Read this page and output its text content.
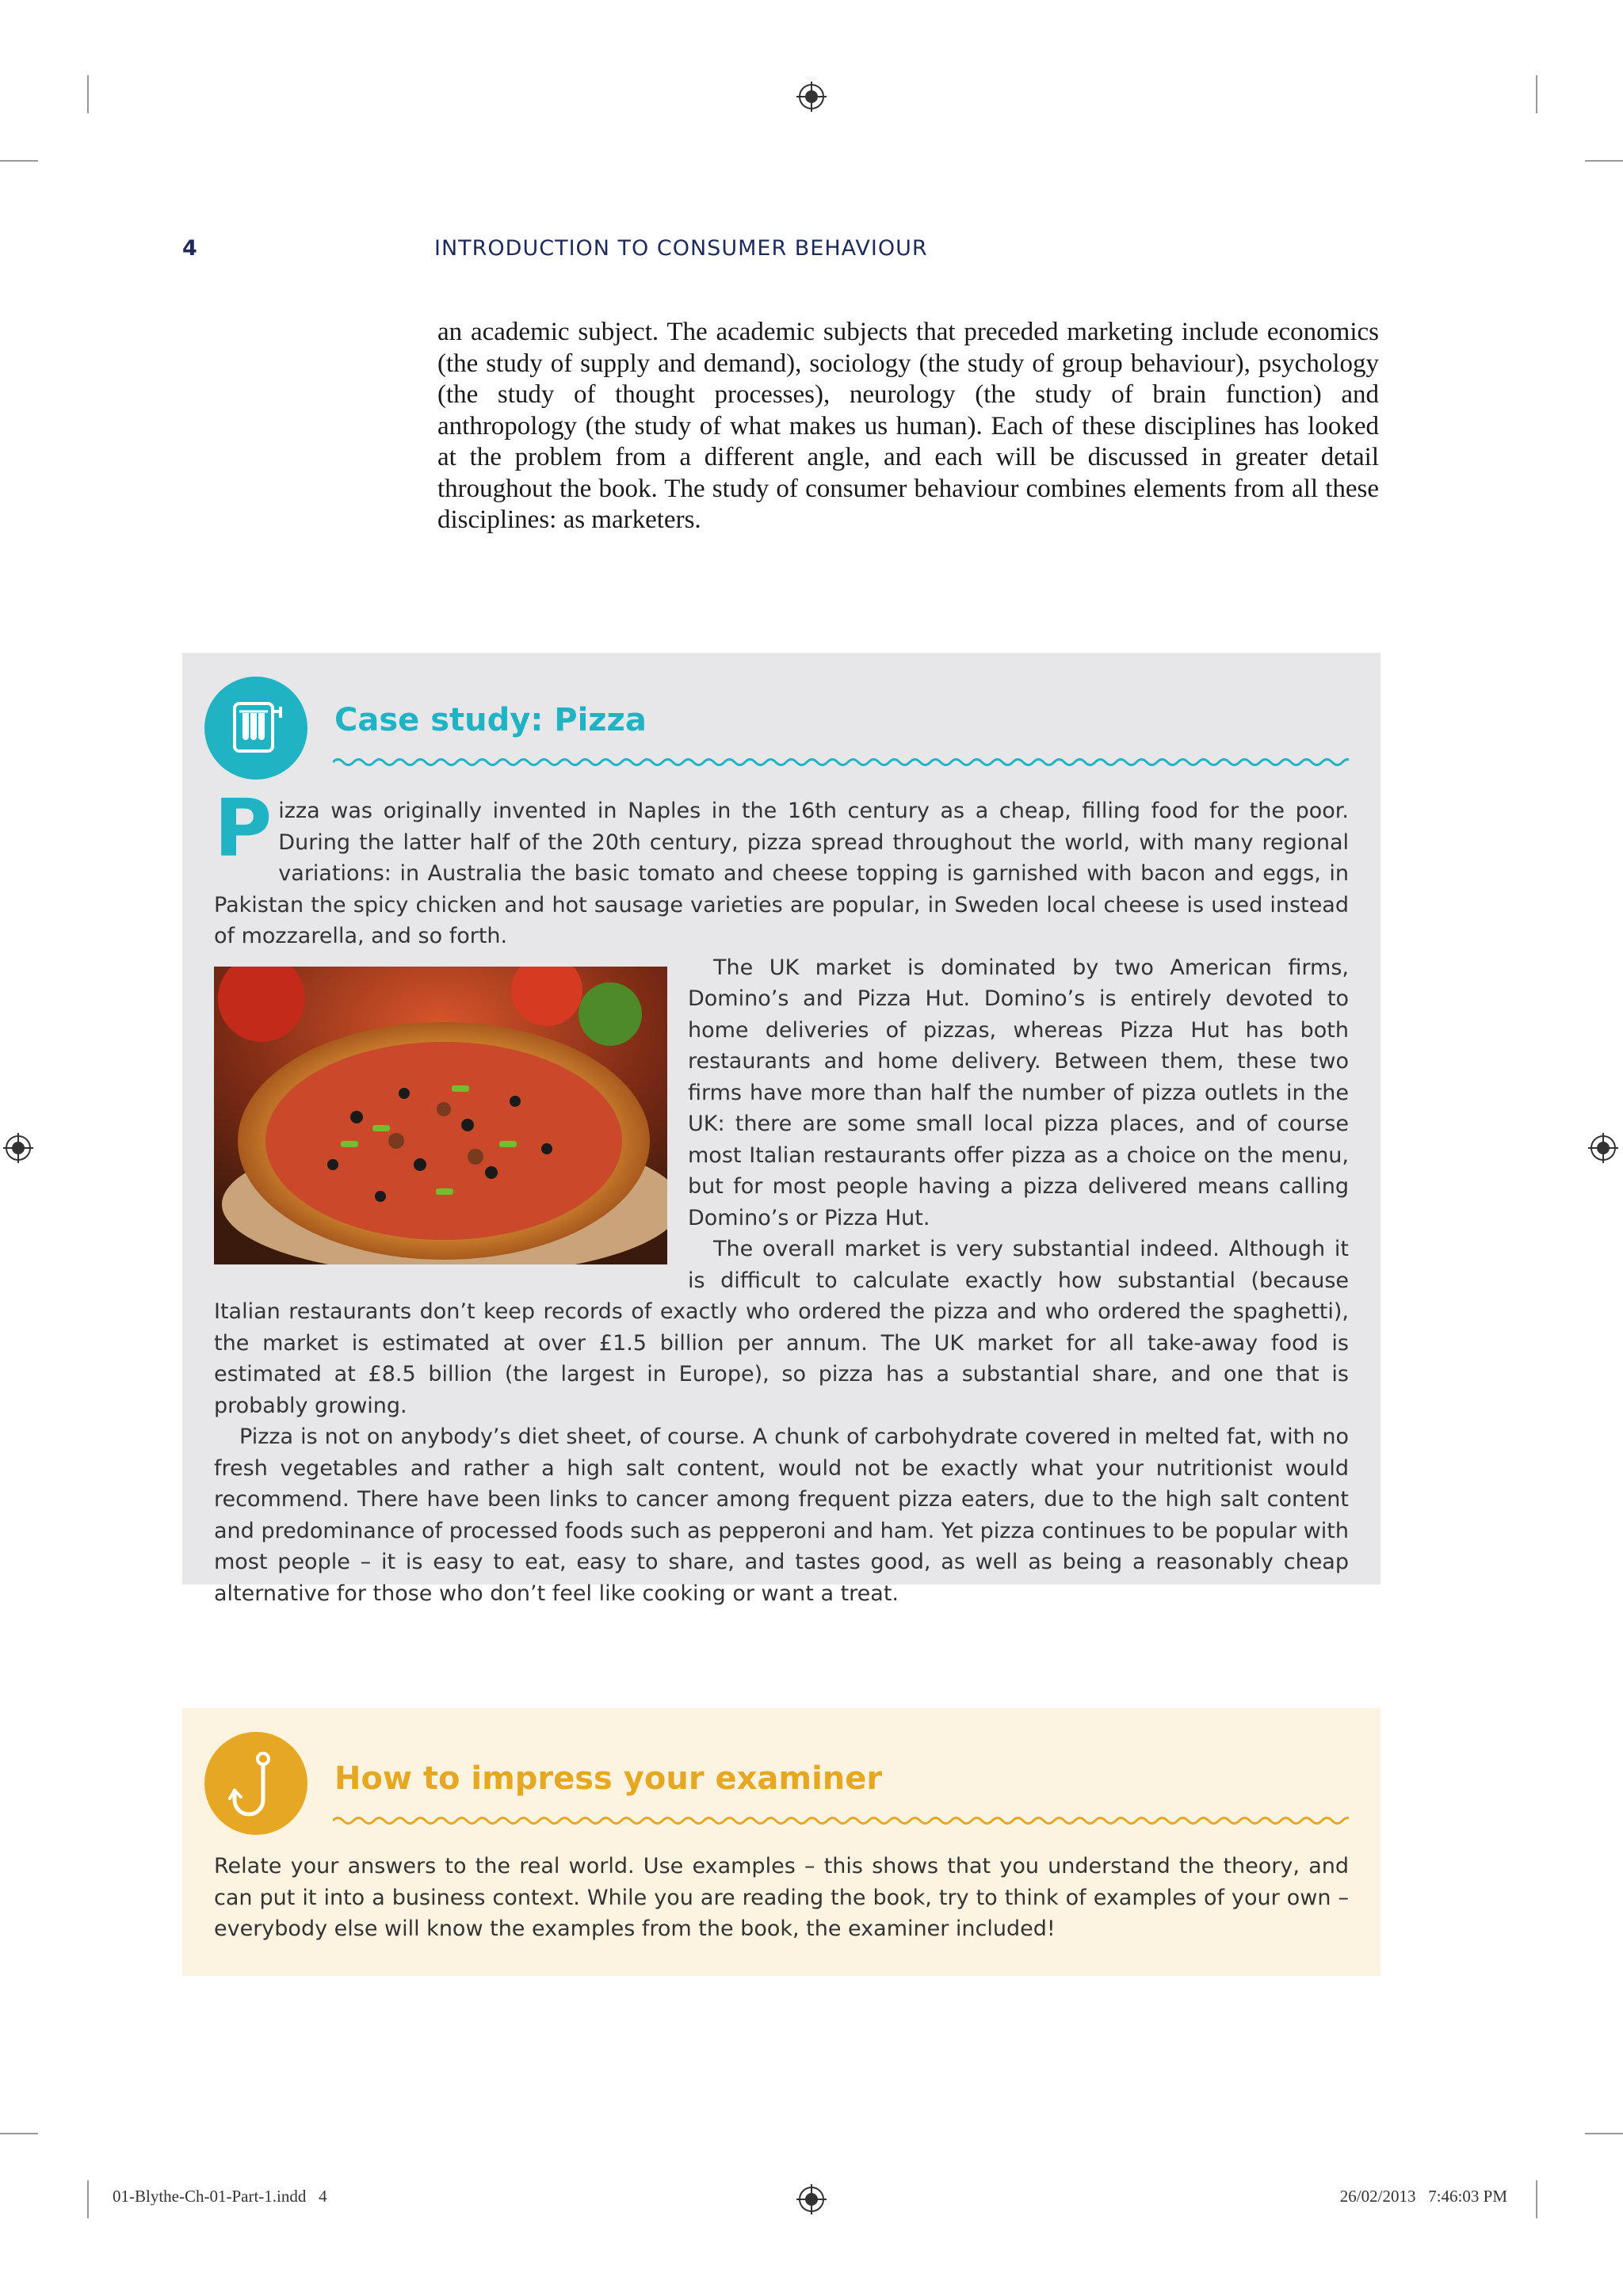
4	INTRODUCTION TO CONSUMER BEHAVIOUR

an academic subject. The academic subjects that preceded marketing include economics (the study of supply and demand), sociology (the study of group behaviour), psychology (the study of thought processes), neurology (the study of brain function) and anthropology (the study of what makes us human). Each of these disciplines has looked at the problem from a different angle, and each will be discussed in greater detail throughout the book. The study of consumer behaviour combines elements from all these disciplines: as marketers.

Case study: Pizza

Pizza was originally invented in Naples in the 16th century as a cheap, filling food for the poor. During the latter half of the 20th century, pizza spread throughout the world, with many regional variations: in Australia the basic tomato and cheese topping is garnished with bacon and eggs, in Pakistan the spicy chicken and hot sausage varieties are popular, in Sweden local cheese is used instead of mozzarella, and so forth.

The UK market is dominated by two American firms, Domino’s and Pizza Hut. Domino’s is entirely devoted to home deliveries of pizzas, whereas Pizza Hut has both restaurants and home delivery. Between them, these two firms have more than half the number of pizza outlets in the UK: there are some small local pizza places, and of course most Italian restaurants offer pizza as a choice on the menu, but for most people having a pizza delivered means calling Domino’s or Pizza Hut.

The overall market is very substantial indeed. Although it is difficult to calculate exactly how substantial (because Italian restaurants don’t keep records of exactly who ordered the pizza and who ordered the spaghetti), the market is estimated at over £1.5 billion per annum. The UK market for all take-away food is estimated at £8.5 billion (the largest in Europe), so pizza has a substantial share, and one that is probably growing.

Pizza is not on anybody’s diet sheet, of course. A chunk of carbohydrate covered in melted fat, with no fresh vegetables and rather a high salt content, would not be exactly what your nutritionist would recommend. There have been links to cancer among frequent pizza eaters, due to the high salt content and predominance of processed foods such as pepperoni and ham. Yet pizza continues to be popular with most people – it is easy to eat, easy to share, and tastes good, as well as being a reasonably cheap alternative for those who don’t feel like cooking or want a treat.

How to impress your examiner

Relate your answers to the real world. Use examples – this shows that you understand the theory, and can put it into a business context. While you are reading the book, try to think of examples of your own – everybody else will know the examples from the book, the examiner included!

01-Blythe-Ch-01-Part-1.indd   4	26/02/2013   7:46:03 PM
